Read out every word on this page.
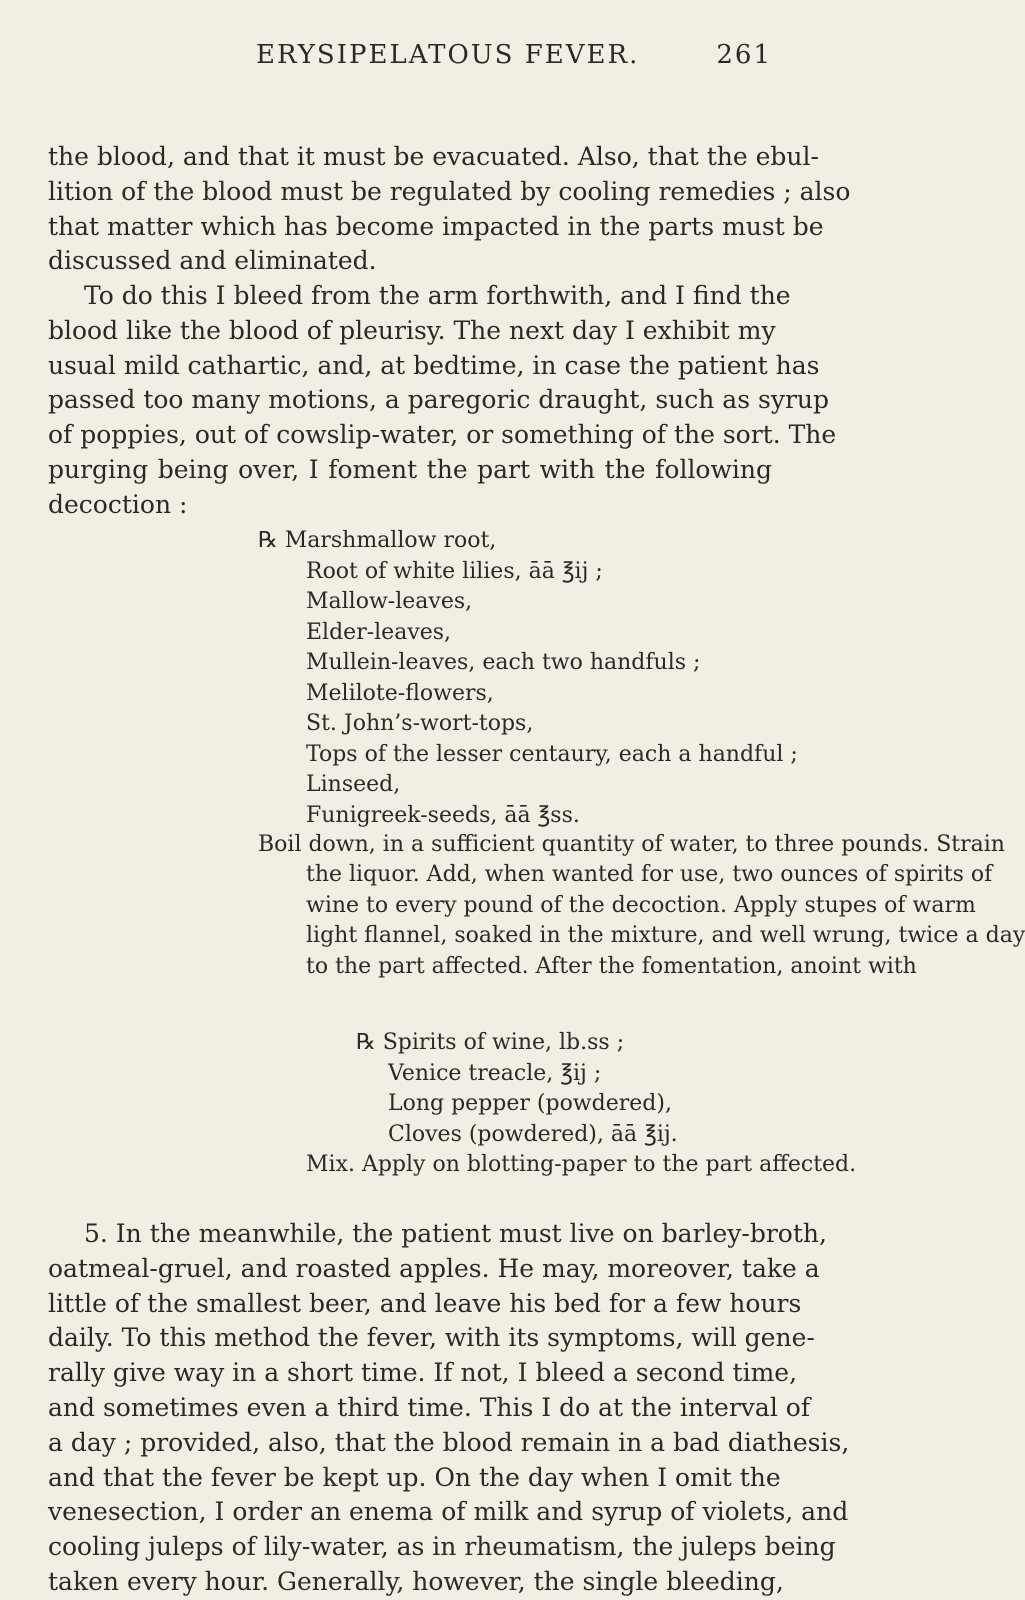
ERYSIPELATOUS FEVER.	261
the blood, and that it must be evacuated. Also, that the ebul-
lition of the blood must be regulated by cooling remedies ; also
that matter which has become impacted in the parts must be
discussed and eliminated.
To do this I bleed from the arm forthwith, and I find the
blood like the blood of pleurisy. The next day I exhibit my
usual mild cathartic, and, at bedtime, in case the patient has
passed too many motions, a paregoric draught, such as syrup
of poppies, out of cowslip-water, or something of the sort. The
purging being over, I foment the part with the following
decoction :
℞ Marshmallow root,
Root of white lilies, āā ℥ij ;
Mallow-leaves,
Elder-leaves,
Mullein-leaves, each two handfuls ;
Melilote-flowers,
St. John’s-wort-tops,
Tops of the lesser centaury, each a handful ;
Linseed,
Funigreek-seeds, āā ℥ss.
Boil down, in a sufficient quantity of water, to three pounds. Strain
the liquor. Add, when wanted for use, two ounces of spirits of
wine to every pound of the decoction. Apply stupes of warm
light flannel, soaked in the mixture, and well wrung, twice a day
to the part affected. After the fomentation, anoint with
℞ Spirits of wine, lb.ss ;
Venice treacle, ℥ij ;
Long pepper (powdered),
Cloves (powdered), āā ℥ij.
Mix. Apply on blotting-paper to the part affected.
5. In the meanwhile, the patient must live on barley-broth,
oatmeal-gruel, and roasted apples. He may, moreover, take a
little of the smallest beer, and leave his bed for a few hours
daily. To this method the fever, with its symptoms, will gene-
rally give way in a short time. If not, I bleed a second time,
and sometimes even a third time. This I do at the interval of
a day ; provided, also, that the blood remain in a bad diathesis,
and that the fever be kept up. On the day when I omit the
venesection, I order an enema of milk and syrup of violets, and
cooling juleps of lily-water, as in rheumatism, the juleps being
taken every hour. Generally, however, the single bleeding,
